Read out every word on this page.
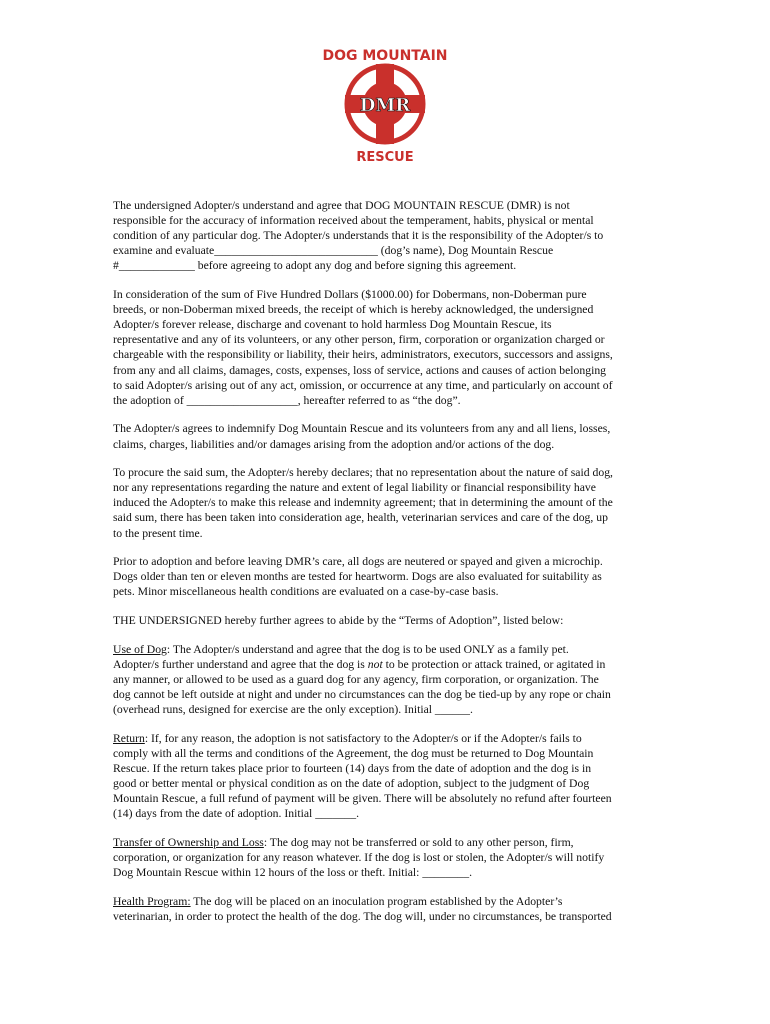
DOG MOUNTAIN
DMR
RESCUE

The undersigned Adopter/s understand and agree that DOG MOUNTAIN RESCUE (DMR) is not
responsible for the accuracy of information received about the temperament, habits, physical or mental
condition of any particular dog. The Adopter/s understands that it is the responsibility of the Adopter/s to
examine and evaluate____________________________ (dog’s name), Dog Mountain Rescue
#_____________ before agreeing to adopt any dog and before signing this agreement.

In consideration of the sum of Five Hundred Dollars ($1000.00) for Dobermans, non-Doberman pure
breeds, or non-Doberman mixed breeds, the receipt of which is hereby acknowledged, the undersigned
Adopter/s forever release, discharge and covenant to hold harmless Dog Mountain Rescue, its
representative and any of its volunteers, or any other person, firm, corporation or organization charged or
chargeable with the responsibility or liability, their heirs, administrators, executors, successors and assigns,
from any and all claims, damages, costs, expenses, loss of service, actions and causes of action belonging
to said Adopter/s arising out of any act, omission, or occurrence at any time, and particularly on account of
the adoption of ___________________, hereafter referred to as “the dog”.

The Adopter/s agrees to indemnify Dog Mountain Rescue and its volunteers from any and all liens, losses,
claims, charges, liabilities and/or damages arising from the adoption and/or actions of the dog.

To procure the said sum, the Adopter/s hereby declares; that no representation about the nature of said dog,
nor any representations regarding the nature and extent of legal liability or financial responsibility have
induced the Adopter/s to make this release and indemnity agreement; that in determining the amount of the
said sum, there has been taken into consideration age, health, veterinarian services and care of the dog, up
to the present time.

Prior to adoption and before leaving DMR’s care, all dogs are neutered or spayed and given a microchip.
Dogs older than ten or eleven months are tested for heartworm. Dogs are also evaluated for suitability as
pets. Minor miscellaneous health conditions are evaluated on a case-by-case basis.

THE UNDERSIGNED hereby further agrees to abide by the “Terms of Adoption”, listed below:

Use of Dog: The Adopter/s understand and agree that the dog is to be used ONLY as a family pet.
Adopter/s further understand and agree that the dog is not to be protection or attack trained, or agitated in
any manner, or allowed to be used as a guard dog for any agency, firm corporation, or organization. The
dog cannot be left outside at night and under no circumstances can the dog be tied-up by any rope or chain
(overhead runs, designed for exercise are the only exception). Initial ______.

Return: If, for any reason, the adoption is not satisfactory to the Adopter/s or if the Adopter/s fails to
comply with all the terms and conditions of the Agreement, the dog must be returned to Dog Mountain
Rescue. If the return takes place prior to fourteen (14) days from the date of adoption and the dog is in
good or better mental or physical condition as on the date of adoption, subject to the judgment of Dog
Mountain Rescue, a full refund of payment will be given. There will be absolutely no refund after fourteen
(14) days from the date of adoption. Initial _______.

Transfer of Ownership and Loss: The dog may not be transferred or sold to any other person, firm,
corporation, or organization for any reason whatever. If the dog is lost or stolen, the Adopter/s will notify
Dog Mountain Rescue within 12 hours of the loss or theft. Initial: ________.

Health Program: The dog will be placed on an inoculation program established by the Adopter’s
veterinarian, in order to protect the health of the dog. The dog will, under no circumstances, be transported
